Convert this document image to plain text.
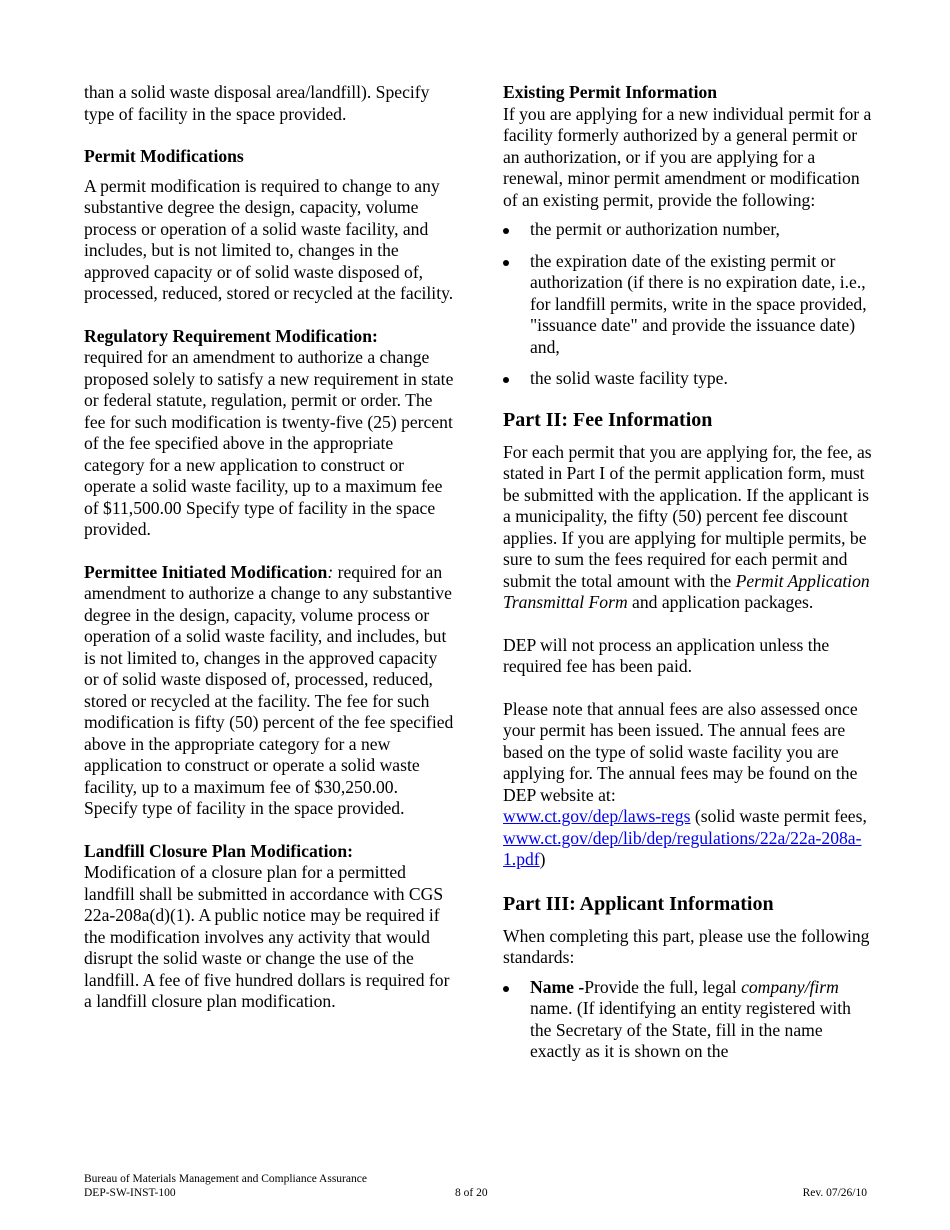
than a solid waste disposal area/landfill). Specify type of facility in the space provided.

Permit Modifications

A permit modification is required to change to any substantive degree the design, capacity, volume process or operation of a solid waste facility, and includes, but is not limited to, changes in the approved capacity or of solid waste disposed of, processed, reduced, stored or recycled at the facility.

Regulatory Requirement Modification:
required for an amendment to authorize a change proposed solely to satisfy a new requirement in state or federal statute, regulation, permit or order. The fee for such modification is twenty-five (25) percent of the fee specified above in the appropriate category for a new application to construct or operate a solid waste facility, up to a maximum fee of $11,500.00 Specify type of facility in the space provided.

Permittee Initiated Modification: required for an amendment to authorize a change to any substantive degree in the design, capacity, volume process or operation of a solid waste facility, and includes, but is not limited to, changes in the approved capacity or of solid waste disposed of, processed, reduced, stored or recycled at the facility. The fee for such modification is fifty (50) percent of the fee specified above in the appropriate category for a new application to construct or operate a solid waste facility, up to a maximum fee of $30,250.00. Specify type of facility in the space provided.

Landfill Closure Plan Modification:
Modification of a closure plan for a permitted landfill shall be submitted in accordance with CGS 22a-208a(d)(1). A public notice may be required if the modification involves any activity that would disrupt the solid waste or change the use of the landfill. A fee of five hundred dollars is required for a landfill closure plan modification.

Existing Permit Information
If you are applying for a new individual permit for a facility formerly authorized by a general permit or an authorization, or if you are applying for a renewal, minor permit amendment or modification of an existing permit, provide the following:

the permit or authorization number,
the expiration date of the existing permit or authorization (if there is no expiration date, i.e., for landfill permits, write in the space provided, "issuance date" and provide the issuance date) and,
the solid waste facility type.
Part II: Fee Information

For each permit that you are applying for, the fee, as stated in Part I of the permit application form, must be submitted with the application. If the applicant is a municipality, the fifty (50) percent fee discount applies. If you are applying for multiple permits, be sure to sum the fees required for each permit and submit the total amount with the Permit Application Transmittal Form and application packages.

DEP will not process an application unless the required fee has been paid.

Please note that annual fees are also assessed once your permit has been issued. The annual fees are based on the type of solid waste facility you are applying for. The annual fees may be found on the DEP website at:
www.ct.gov/dep/laws-regs (solid waste permit fees,
www.ct.gov/dep/lib/dep/regulations/22a/22a-208a-1.pdf)

Part III: Applicant Information

When completing this part, please use the following standards:

Name -Provide the full, legal company/firm name. (If identifying an entity registered with the Secretary of the State, fill in the name exactly as it is shown on the
Bureau of Materials Management and Compliance Assurance
DEP-SW-INST-100	8 of 20	Rev. 07/26/10
